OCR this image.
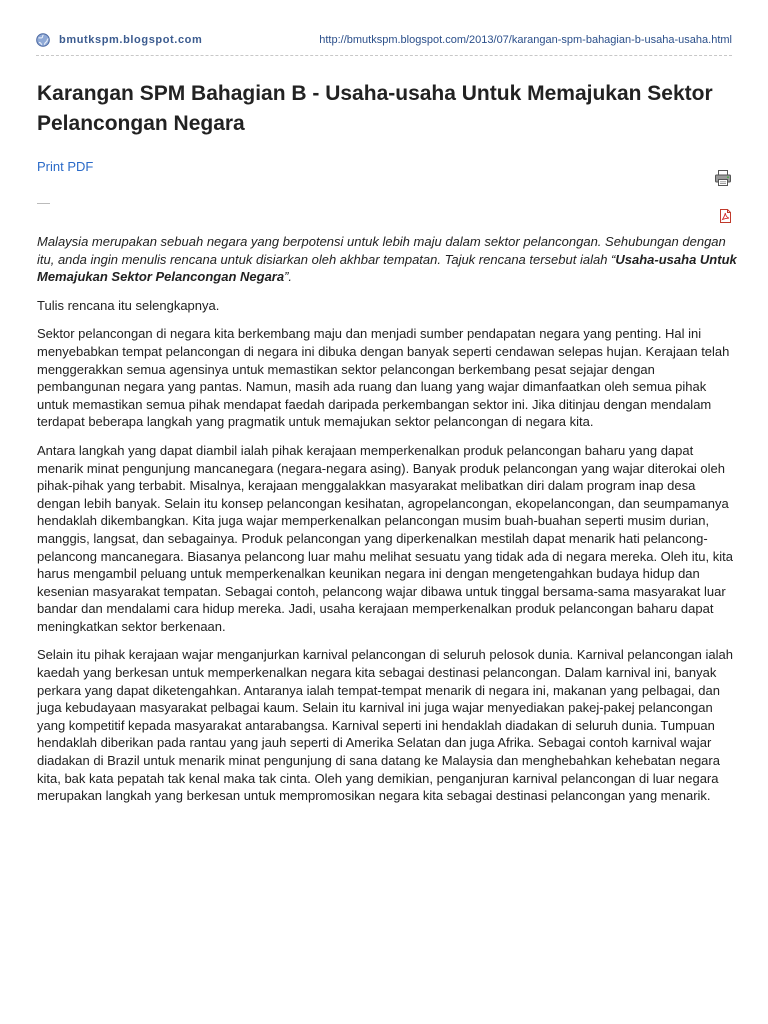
bmutkspm.blogspot.com	http://bmutkspm.blogspot.com/2013/07/karangan-spm-bahagian-b-usaha-usaha.html
Karangan SPM Bahagian B - Usaha-usaha Untuk Memajukan Sektor Pelancongan Negara
Print PDF

Malaysia merupakan sebuah negara yang berpotensi untuk lebih maju dalam sektor pelancongan. Sehubungan dengan itu, anda ingin menulis rencana untuk disiarkan oleh akhbar tempatan. Tajuk rencana tersebut ialah “Usaha-usaha Untuk Memajukan Sektor Pelancongan Negara”.

Tulis rencana itu selengkapnya.

Sektor pelancongan di negara kita berkembang maju dan menjadi sumber pendapatan negara yang penting. Hal ini menyebabkan tempat pelancongan di negara ini dibuka dengan banyak seperti cendawan selepas hujan. Kerajaan telah menggerakkan semua agensinya untuk memastikan sektor pelancongan berkembang pesat sejajar dengan pembangunan negara yang pantas. Namun, masih ada ruang dan luang yang wajar dimanfaatkan oleh semua pihak untuk memastikan semua pihak mendapat faedah daripada perkembangan sektor ini. Jika ditinjau dengan mendalam terdapat beberapa langkah yang pragmatik untuk memajukan sektor pelancongan di negara kita.

Antara langkah yang dapat diambil ialah pihak kerajaan memperkenalkan produk pelancongan baharu yang dapat menarik minat pengunjung mancanegara (negara-negara asing). Banyak produk pelancongan yang wajar diterokai oleh pihak-pihak yang terbabit. Misalnya, kerajaan menggalakkan masyarakat melibatkan diri dalam program inap desa dengan lebih banyak. Selain itu konsep pelancongan kesihatan, agropelancongan, ekopelancongan, dan seumpamanya hendaklah dikembangkan. Kita juga wajar memperkenalkan pelancongan musim buah-buahan seperti musim durian, manggis, langsat, dan sebagainya. Produk pelancongan yang diperkenalkan mestilah dapat menarik hati pelancong-pelancong mancanegara. Biasanya pelancong luar mahu melihat sesuatu yang tidak ada di negara mereka. Oleh itu, kita harus mengambil peluang untuk memperkenalkan keunikan negara ini dengan mengetengahkan budaya hidup dan kesenian masyarakat tempatan. Sebagai contoh, pelancong wajar dibawa untuk tinggal bersama-sama masyarakat luar bandar dan mendalami cara hidup mereka. Jadi, usaha kerajaan memperkenalkan produk pelancongan baharu dapat meningkatkan sektor berkenaan.

Selain itu pihak kerajaan wajar menganjurkan karnival pelancongan di seluruh pelosok dunia. Karnival pelancongan ialah kaedah yang berkesan untuk memperkenalkan negara kita sebagai destinasi pelancongan. Dalam karnival ini, banyak perkara yang dapat diketengahkan. Antaranya ialah tempat-tempat menarik di negara ini, makanan yang pelbagai, dan juga kebudayaan masyarakat pelbagai kaum. Selain itu karnival ini juga wajar menyediakan pakej-pakej pelancongan yang kompetitif kepada masyarakat antarabangsa. Karnival seperti ini hendaklah diadakan di seluruh dunia. Tumpuan hendaklah diberikan pada rantau yang jauh seperti di Amerika Selatan dan juga Afrika. Sebagai contoh karnival wajar diadakan di Brazil untuk menarik minat pengunjung di sana datang ke Malaysia dan menghebahkan kehebatan negara kita, bak kata pepatah tak kenal maka tak cinta. Oleh yang demikian, penganjuran karnival pelancongan di luar negara merupakan langkah yang berkesan untuk mempromosikan negara kita sebagai destinasi pelancongan yang menarik.
